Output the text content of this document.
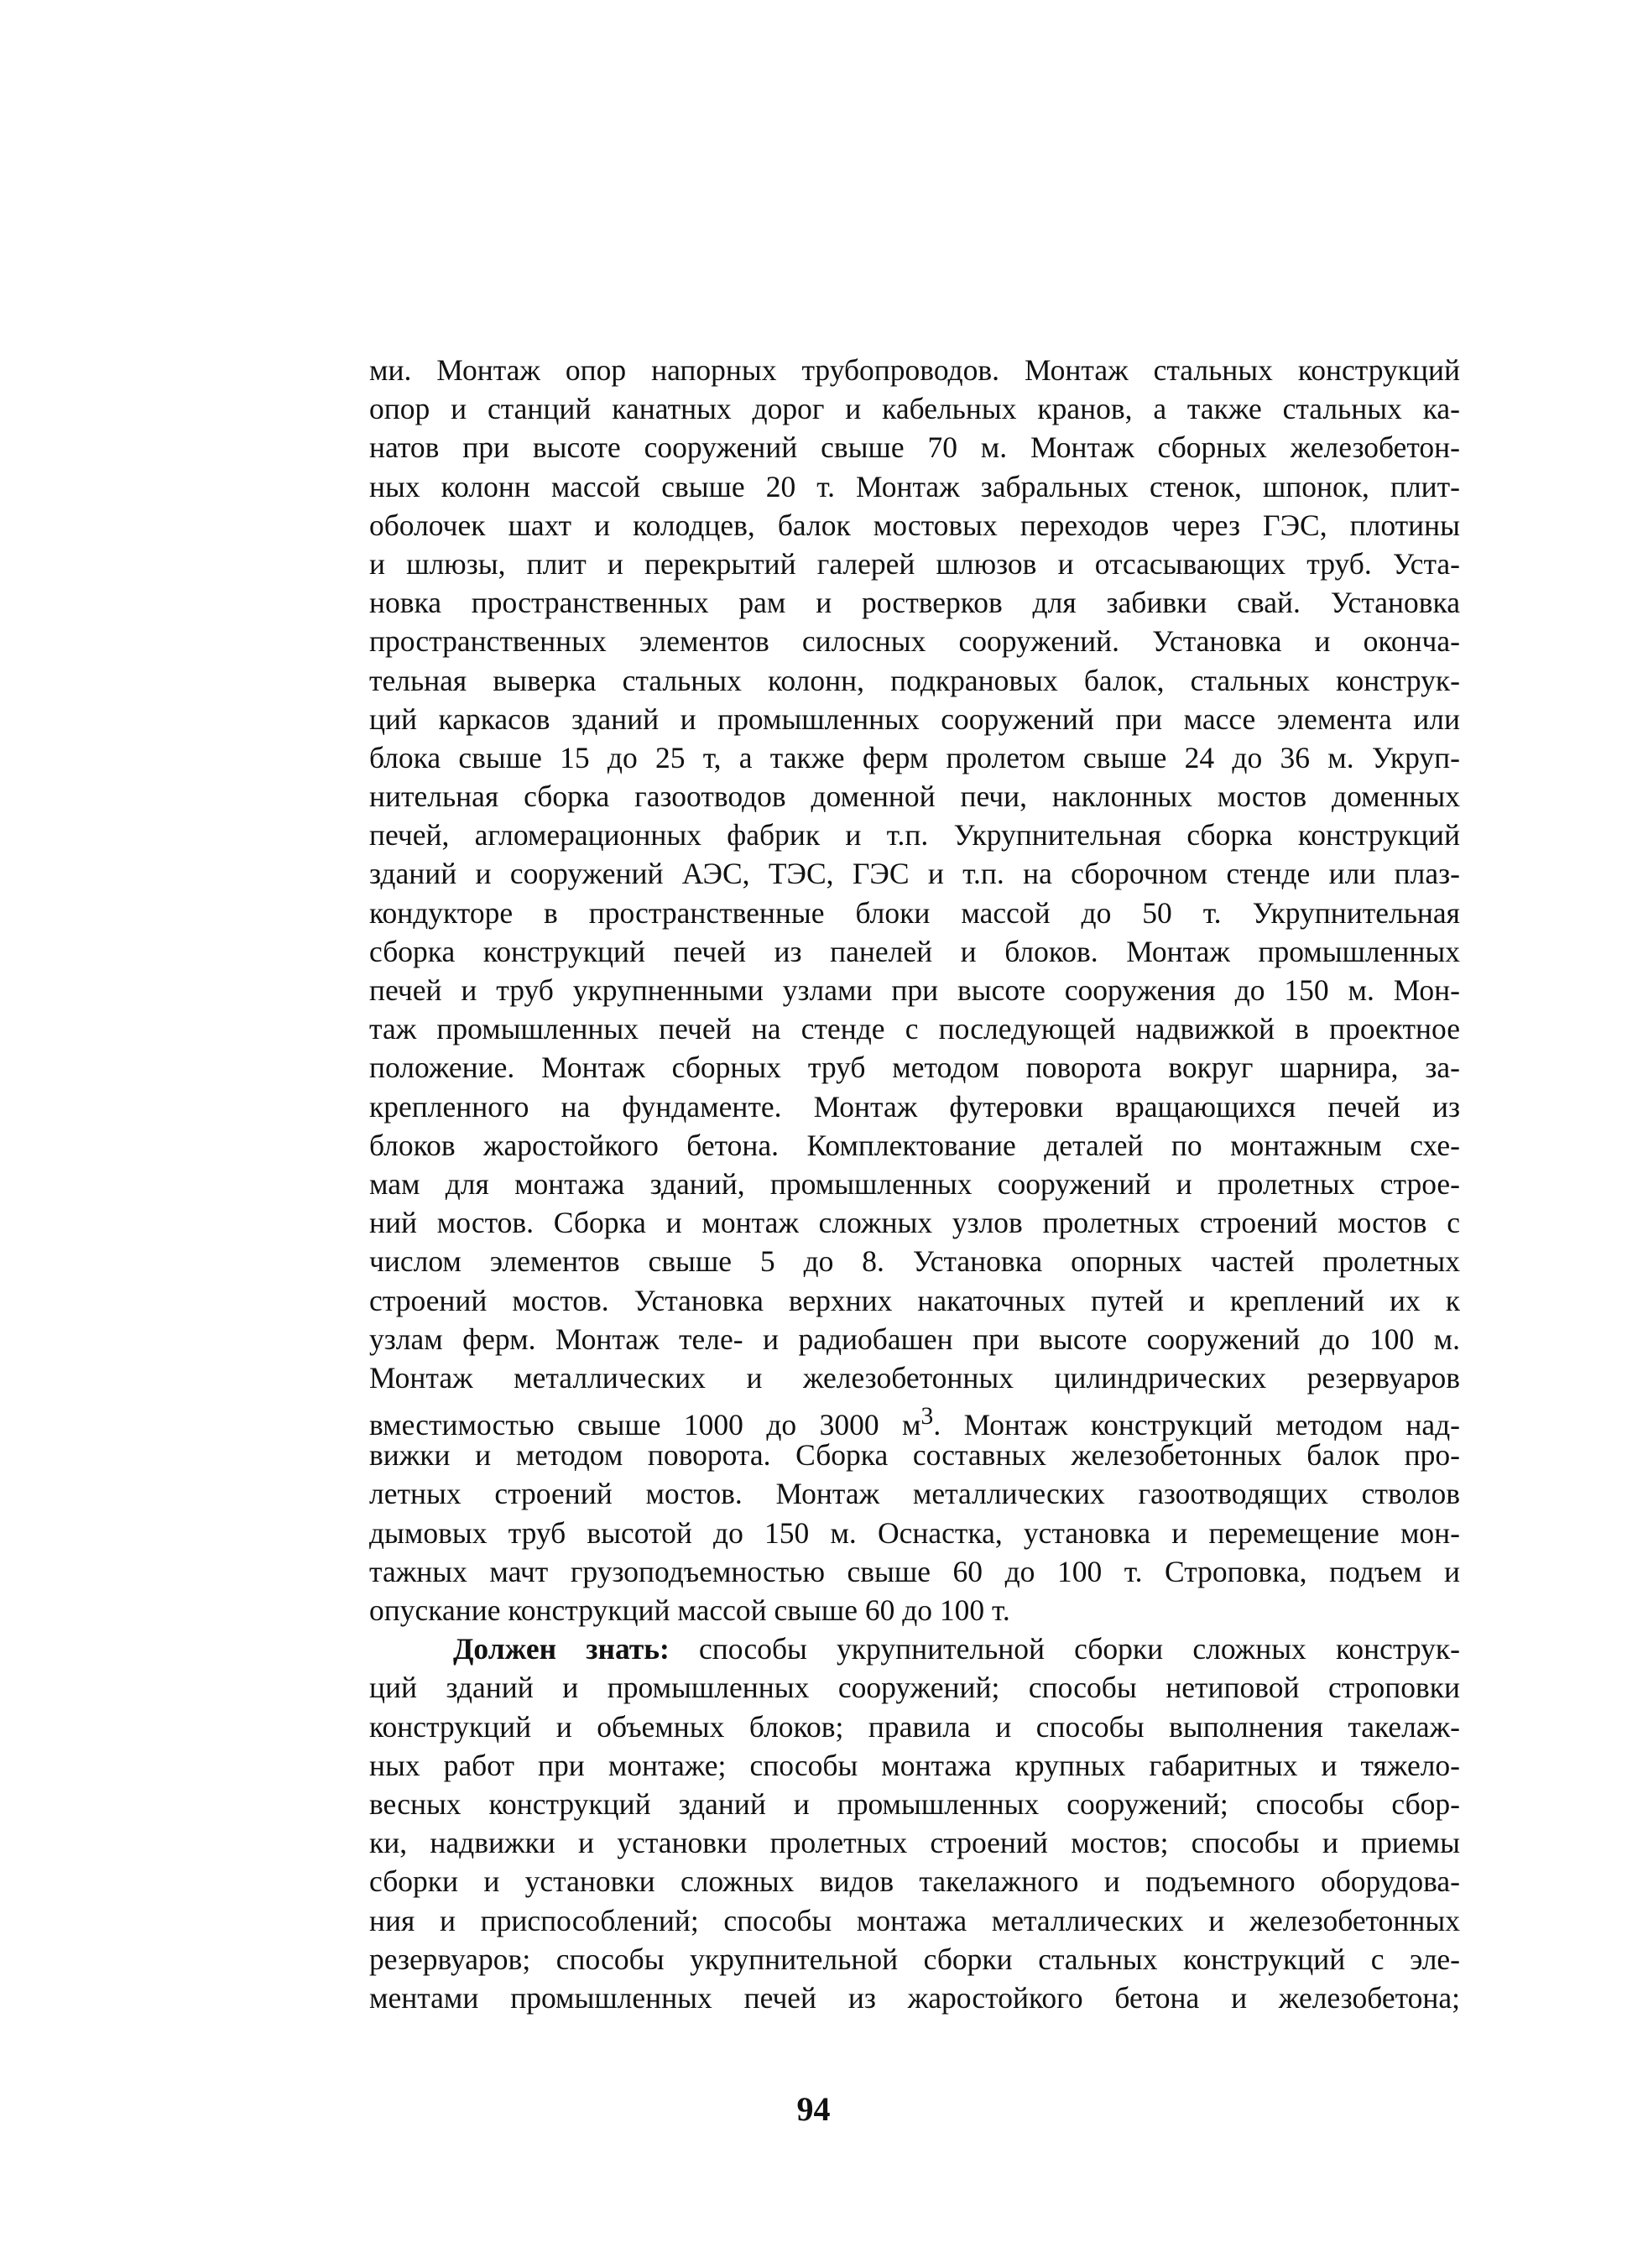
ми. Монтаж опор напорных трубопроводов. Монтаж стальных конструкций
опор и станций канатных дорог и кабельных кранов, а также стальных ка-
натов при высоте сооружений свыше 70 м. Монтаж сборных железобетон-
ных колонн массой свыше 20 т. Монтаж забральных стенок, шпонок, плит-
оболочек шахт и колодцев, балок мостовых переходов через ГЭС, плотины
и шлюзы, плит и перекрытий галерей шлюзов и отсасывающих труб. Уста-
новка пространственных рам и ростверков для забивки свай. Установка
пространственных элементов силосных сооружений. Установка и оконча-
тельная выверка стальных колонн, подкрановых балок, стальных конструк-
ций каркасов зданий и промышленных сооружений при массе элемента или
блока свыше 15 до 25 т, а также ферм пролетом свыше 24 до 36 м. Укруп-
нительная сборка газоотводов доменной печи, наклонных мостов доменных
печей, агломерационных фабрик и т.п. Укрупнительная сборка конструкций
зданий и сооружений АЭС, ТЭС, ГЭС и т.п. на сборочном стенде или плаз-
кондукторе в пространственные блоки массой до 50 т. Укрупнительная
сборка конструкций печей из панелей и блоков. Монтаж промышленных
печей и труб укрупненными узлами при высоте сооружения до 150 м. Мон-
таж промышленных печей на стенде с последующей надвижкой в проектное
положение. Монтаж сборных труб методом поворота вокруг шарнира, за-
крепленного на фундаменте. Монтаж футеровки вращающихся печей из
блоков жаростойкого бетона. Комплектование деталей по монтажным схе-
мам для монтажа зданий, промышленных сооружений и пролетных строе-
ний мостов. Сборка и монтаж сложных узлов пролетных строений мостов с
числом элементов свыше 5 до 8. Установка опорных частей пролетных
строений мостов. Установка верхних накаточных путей и креплений их к
узлам ферм. Монтаж теле- и радиобашен при высоте сооружений до 100 м.
Монтаж металлических и железобетонных цилиндрических резервуаров
вместимостью свыше 1000 до 3000 $м^3$. Монтаж конструкций методом над-
вижки и методом поворота. Сборка составных железобетонных балок про-
летных строений мостов. Монтаж металлических газоотводящих стволов
дымовых труб высотой до 150 м. Оснастка, установка и перемещение мон-
тажных мачт грузоподъемностью свыше 60 до 100 т. Строповка, подъем и
опускание конструкций массой свыше 60 до 100 т.
Должен знать: способы укрупнительной сборки сложных конструк-
ций зданий и промышленных сооружений; способы нетиповой строповки
конструкций и объемных блоков; правила и способы выполнения такелаж-
ных работ при монтаже; способы монтажа крупных габаритных и тяжело-
весных конструкций зданий и промышленных сооружений; способы сбор-
ки, надвижки и установки пролетных строений мостов; способы и приемы
сборки и установки сложных видов такелажного и подъемного оборудова-
ния и приспособлений; способы монтажа металлических и железобетонных
резервуаров; способы укрупнительной сборки стальных конструкций с эле-
ментами промышленных печей из жаростойкого бетона и железобетона;
94
